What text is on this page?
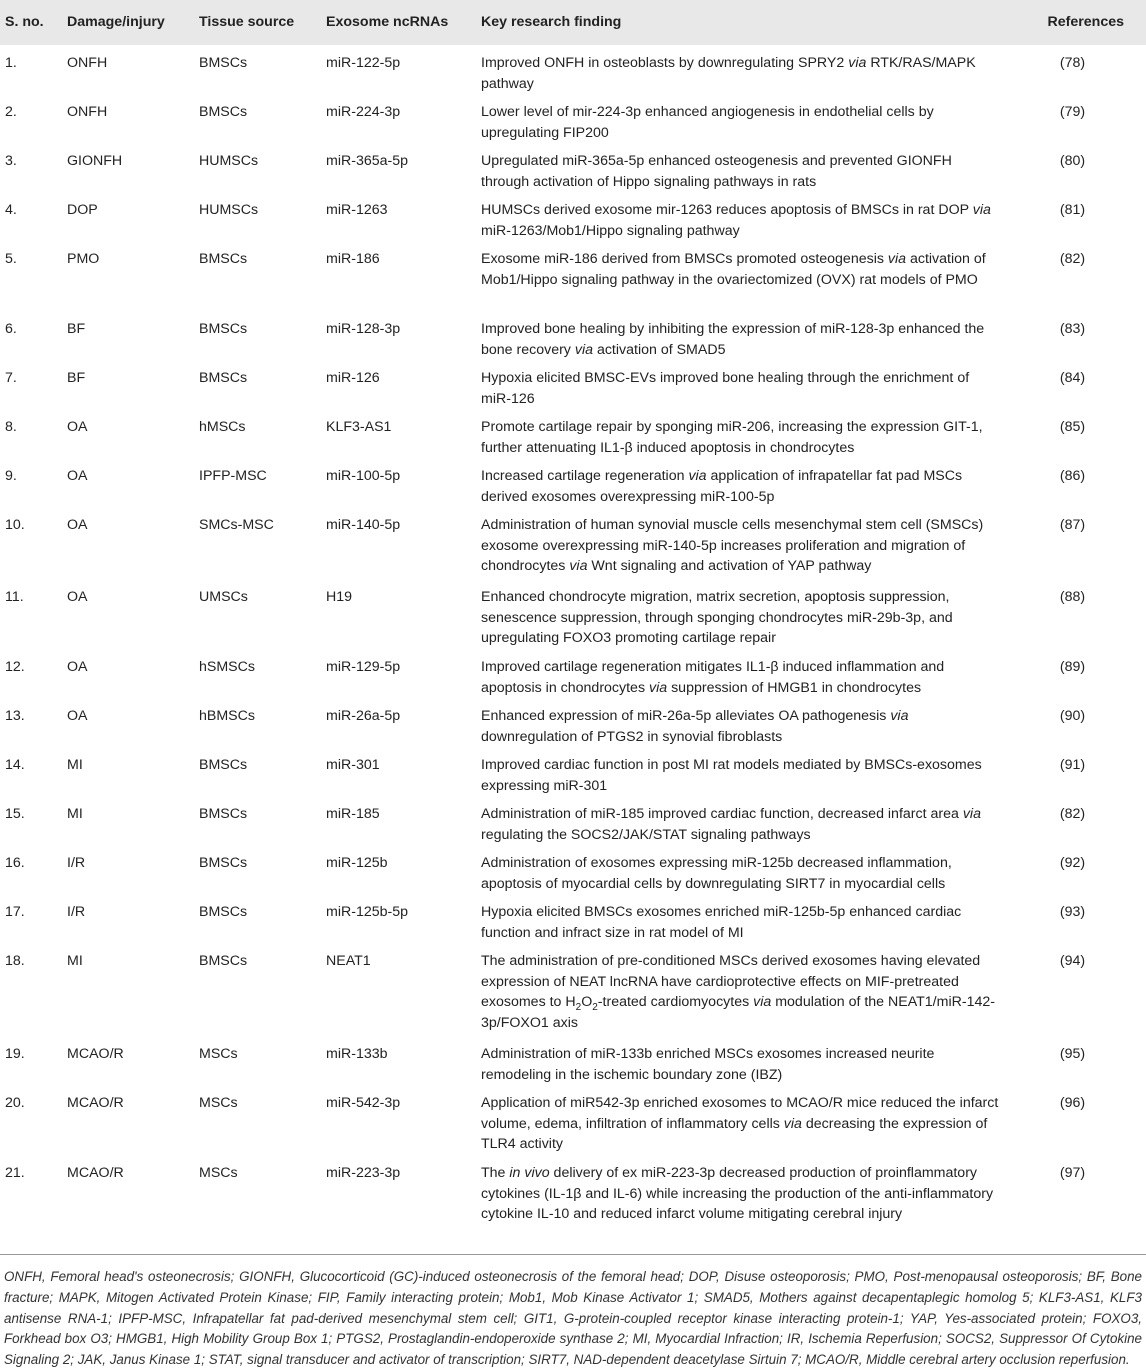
S. no.	Damage/injury	Tissue source	Exosome ncRNAs	Key research finding	References
1.	ONFH	BMSCs	miR-122-5p	Improved ONFH in osteoblasts by downregulating SPRY2 via RTK/RAS/MAPK pathway	(78)
2.	ONFH	BMSCs	miR-224-3p	Lower level of mir-224-3p enhanced angiogenesis in endothelial cells by upregulating FIP200	(79)
3.	GIONFH	HUMSCs	miR-365a-5p	Upregulated miR-365a-5p enhanced osteogenesis and prevented GIONFH through activation of Hippo signaling pathways in rats	(80)
4.	DOP	HUMSCs	miR-1263	HUMSCs derived exosome mir-1263 reduces apoptosis of BMSCs in rat DOP via miR-1263/Mob1/Hippo signaling pathway	(81)
5.	PMO	BMSCs	miR-186	Exosome miR-186 derived from BMSCs promoted osteogenesis via activation of Mob1/Hippo signaling pathway in the ovariectomized (OVX) rat models of PMO	(82)
6.	BF	BMSCs	miR-128-3p	Improved bone healing by inhibiting the expression of miR-128-3p enhanced the bone recovery via activation of SMAD5	(83)
7.	BF	BMSCs	miR-126	Hypoxia elicited BMSC-EVs improved bone healing through the enrichment of miR-126	(84)
8.	OA	hMSCs	KLF3-AS1	Promote cartilage repair by sponging miR-206, increasing the expression GIT-1, further attenuating IL1-β induced apoptosis in chondrocytes	(85)
9.	OA	IPFP-MSC	miR-100-5p	Increased cartilage regeneration via application of infrapatellar fat pad MSCs derived exosomes overexpressing miR-100-5p	(86)
10.	OA	SMCs-MSC	miR-140-5p	Administration of human synovial muscle cells mesenchymal stem cell (SMSCs) exosome overexpressing miR-140-5p increases proliferation and migration of chondrocytes via Wnt signaling and activation of YAP pathway	(87)
11.	OA	UMSCs	H19	Enhanced chondrocyte migration, matrix secretion, apoptosis suppression, senescence suppression, through sponging chondrocytes miR-29b-3p, and upregulating FOXO3 promoting cartilage repair	(88)
12.	OA	hSMSCs	miR-129-5p	Improved cartilage regeneration mitigates IL1-β induced inflammation and apoptosis in chondrocytes via suppression of HMGB1 in chondrocytes	(89)
13.	OA	hBMSCs	miR-26a-5p	Enhanced expression of miR-26a-5p alleviates OA pathogenesis via downregulation of PTGS2 in synovial fibroblasts	(90)
14.	MI	BMSCs	miR-301	Improved cardiac function in post MI rat models mediated by BMSCs-exosomes expressing miR-301	(91)
15.	MI	BMSCs	miR-185	Administration of miR-185 improved cardiac function, decreased infarct area via regulating the SOCS2/JAK/STAT signaling pathways	(82)
16.	I/R	BMSCs	miR-125b	Administration of exosomes expressing miR-125b decreased inflammation, apoptosis of myocardial cells by downregulating SIRT7 in myocardial cells	(92)
17.	I/R	BMSCs	miR-125b-5p	Hypoxia elicited BMSCs exosomes enriched miR-125b-5p enhanced cardiac function and infract size in rat model of MI	(93)
18.	MI	BMSCs	NEAT1	The administration of pre-conditioned MSCs derived exosomes having elevated expression of NEAT lncRNA have cardioprotective effects on MIF-pretreated exosomes to $H_2O_2$-treated cardiomyocytes via modulation of the NEAT1/miR-142-3p/FOXO1 axis	(94)
19.	MCAO/R	MSCs	miR-133b	Administration of miR-133b enriched MSCs exosomes increased neurite remodeling in the ischemic boundary zone (IBZ)	(95)
20.	MCAO/R	MSCs	miR-542-3p	Application of miR542-3p enriched exosomes to MCAO/R mice reduced the infarct volume, edema, infiltration of inflammatory cells via decreasing the expression of TLR4 activity	(96)
21.	MCAO/R	MSCs	miR-223-3p	The in vivo delivery of ex miR-223-3p decreased production of proinflammatory cytokines (IL-1β and IL-6) while increasing the production of the anti-inflammatory cytokine IL-10 and reduced infarct volume mitigating cerebral injury	(97)
ONFH, Femoral head's osteonecrosis; GIONFH, Glucocorticoid (GC)-induced osteonecrosis of the femoral head; DOP, Disuse osteoporosis; PMO, Post-menopausal osteoporosis; BF, Bone fracture; MAPK, Mitogen Activated Protein Kinase; FIP, Family interacting protein; Mob1, Mob Kinase Activator 1; SMAD5, Mothers against decapentaplegic homolog 5; KLF3-AS1, KLF3 antisense RNA-1; IPFP-MSC, Infrapatellar fat pad-derived mesenchymal stem cell; GIT1, G-protein-coupled receptor kinase interacting protein-1; YAP, Yes-associated protein; FOXO3, Forkhead box O3; HMGB1, High Mobility Group Box 1; PTGS2, Prostaglandin-endoperoxide synthase 2; MI, Myocardial Infraction; IR, Ischemia Reperfusion; SOCS2, Suppressor Of Cytokine Signaling 2; JAK, Janus Kinase 1; STAT, signal transducer and activator of transcription; SIRT7, NAD-dependent deacetylase Sirtuin 7; MCAO/R, Middle cerebral artery occlusion reperfusion.
